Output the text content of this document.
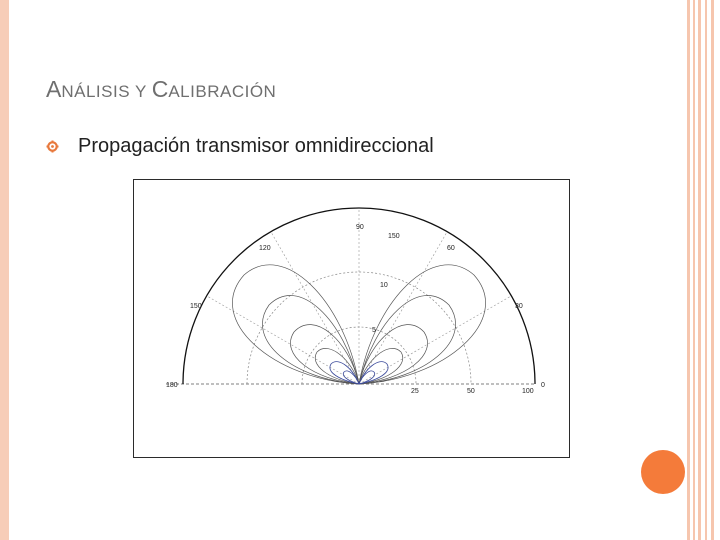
ANÁLISIS Y CALIBRACIÓN
Propagación transmisor omnidireccional
90
150
120	60
10
150	30
5
180
25	50	100
0
